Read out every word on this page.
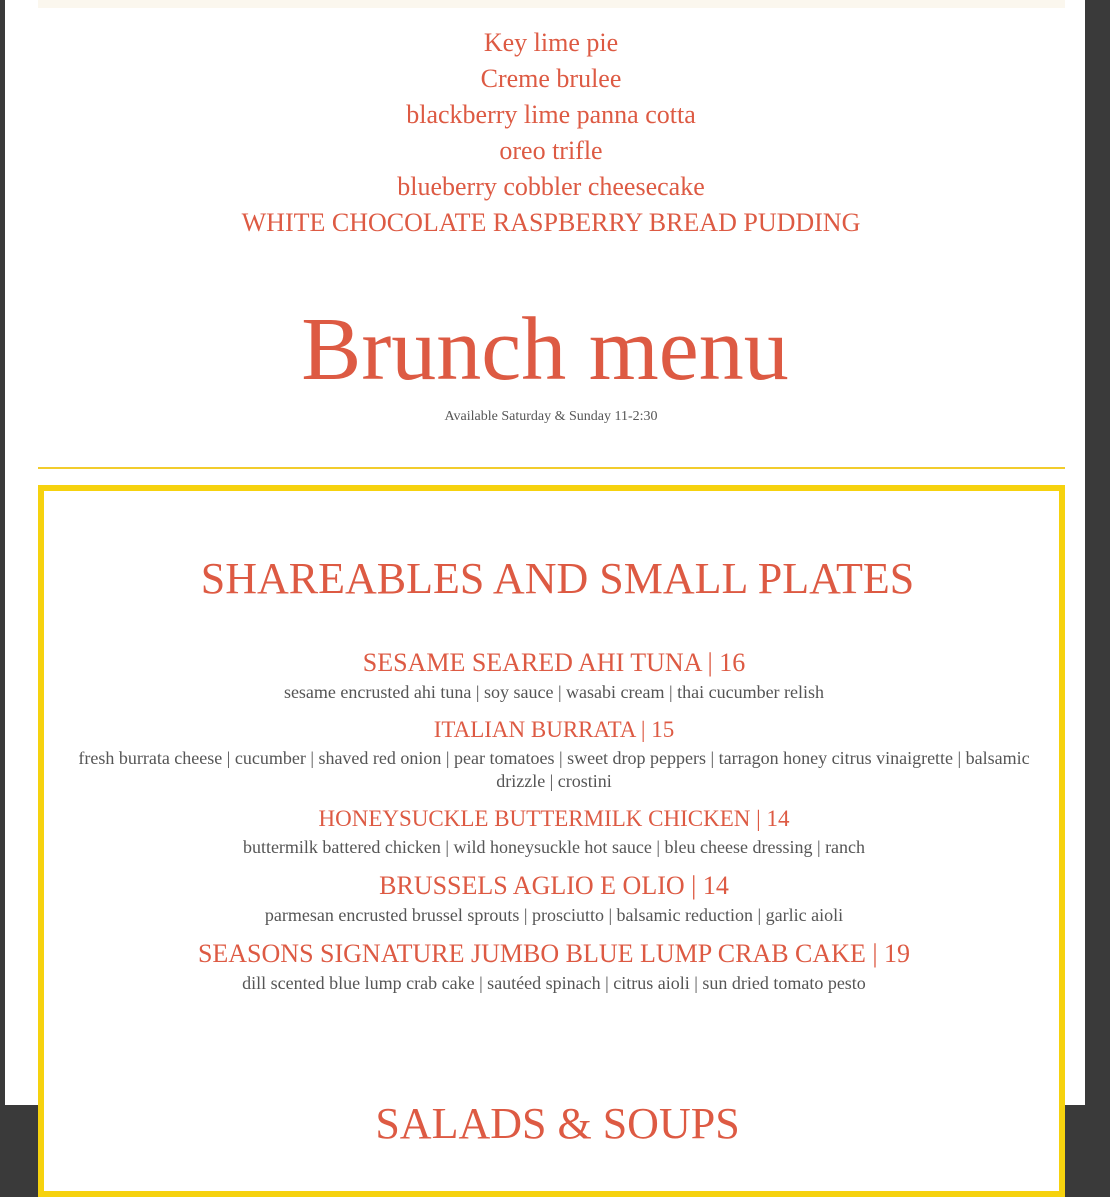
Key lime pie
Creme brulee
blackberry lime panna cotta
oreo trifle
blueberry cobbler cheesecake
WHITE CHOCOLATE RASPBERRY BREAD PUDDING
Brunch menu

Available Saturday & Sunday 11-2:30

SHAREABLES AND SMALL PLATES
SESAME SEARED AHI TUNA | 16
sesame encrusted ahi tuna | soy sauce | wasabi cream | thai cucumber relish
ITALIAN BURRATA | 15
fresh burrata cheese | cucumber | shaved red onion | pear tomatoes | sweet drop peppers | tarragon honey citrus vinaigrette | balsamic drizzle | crostini
HONEYSUCKLE BUTTERMILK CHICKEN | 14
buttermilk battered chicken | wild honeysuckle hot sauce | bleu cheese dressing | ranch
BRUSSELS AGLIO E OLIO | 14
parmesan encrusted brussel sprouts | prosciutto | balsamic reduction | garlic aioli
SEASONS SIGNATURE JUMBO BLUE LUMP CRAB CAKE | 19
dill scented blue lump crab cake | sautéed spinach | citrus aioli | sun dried tomato pesto
SALADS & SOUPS
